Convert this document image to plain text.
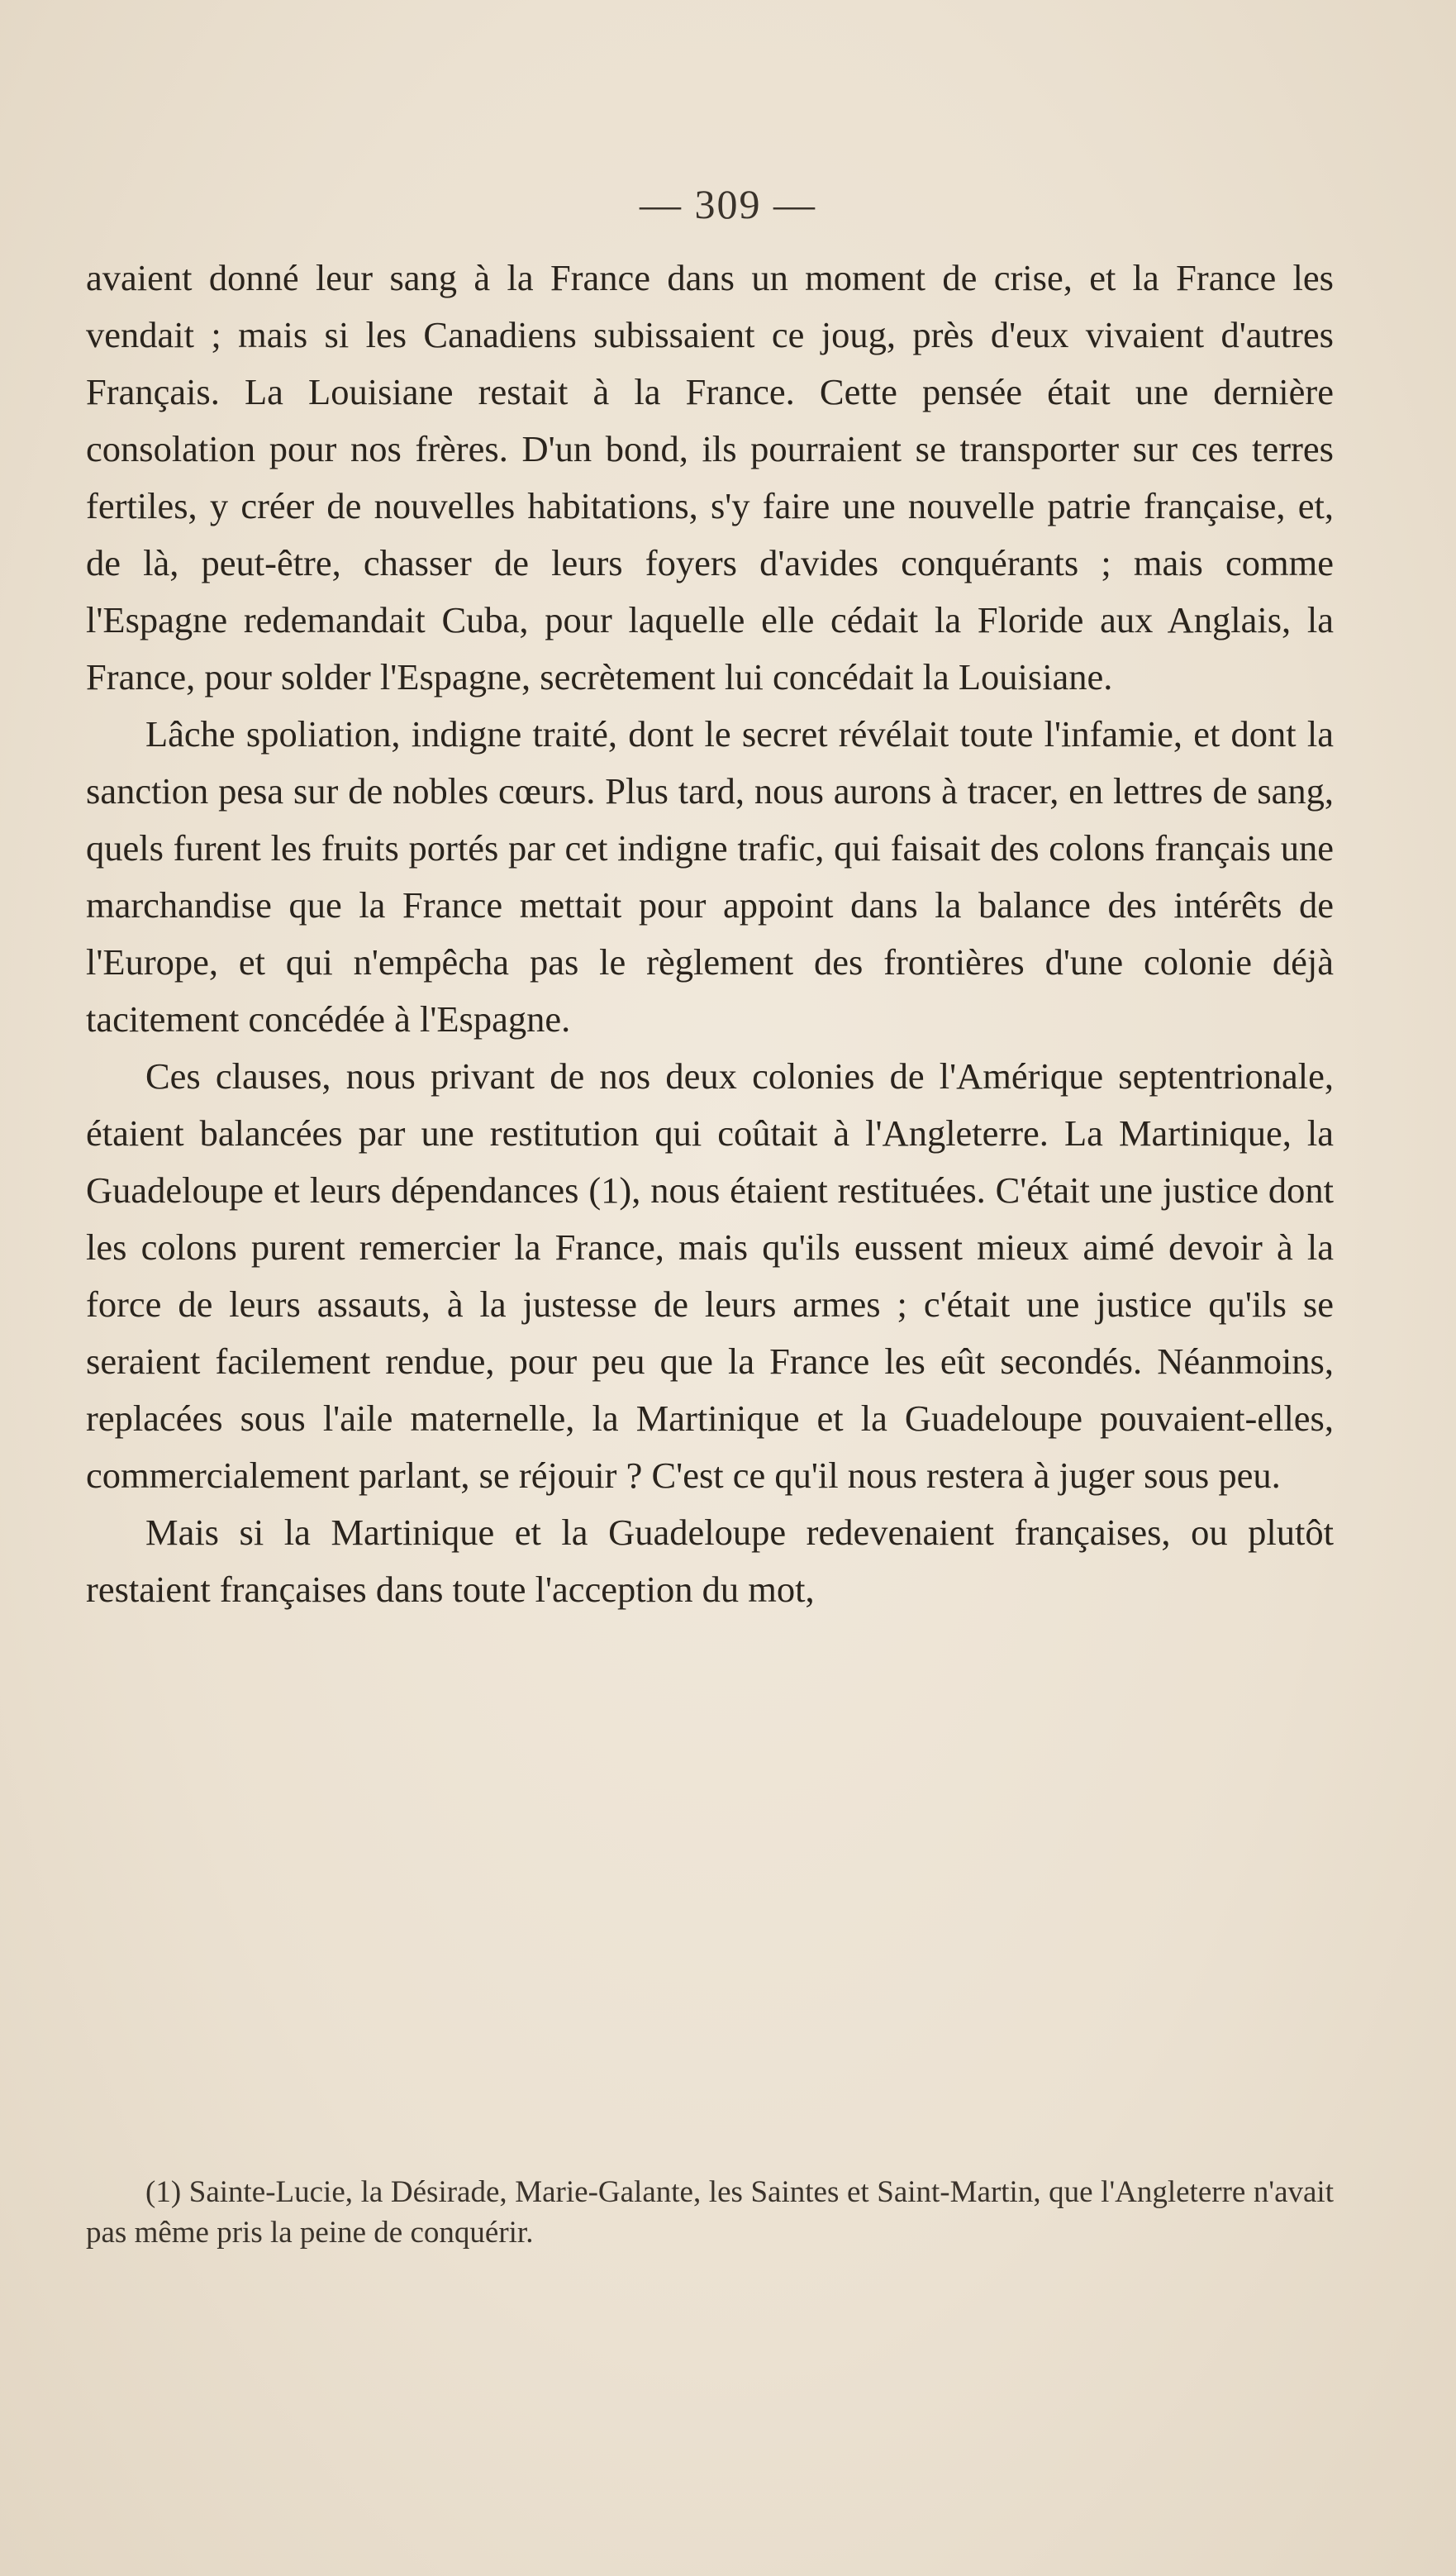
— 309 —

avaient donné leur sang à la France dans un moment de crise, et la France les vendait ; mais si les Canadiens subissaient ce joug, près d'eux vivaient d'autres Français. La Louisiane restait à la France. Cette pensée était une dernière consolation pour nos frères. D'un bond, ils pourraient se transporter sur ces terres fertiles, y créer de nouvelles habitations, s'y faire une nouvelle patrie française, et, de là, peut-être, chasser de leurs foyers d'avides conquérants ; mais comme l'Espagne redemandait Cuba, pour laquelle elle cédait la Floride aux Anglais, la France, pour solder l'Espagne, secrètement lui concédait la Louisiane.

Lâche spoliation, indigne traité, dont le secret révélait toute l'infamie, et dont la sanction pesa sur de nobles cœurs. Plus tard, nous aurons à tracer, en lettres de sang, quels furent les fruits portés par cet indigne trafic, qui faisait des colons français une marchandise que la France mettait pour appoint dans la balance des intérêts de l'Europe, et qui n'empêcha pas le règlement des frontières d'une colonie déjà tacitement concédée à l'Espagne.

Ces clauses, nous privant de nos deux colonies de l'Amérique septentrionale, étaient balancées par une restitution qui coûtait à l'Angleterre. La Martinique, la Guadeloupe et leurs dépendances (1), nous étaient restituées. C'était une justice dont les colons purent remercier la France, mais qu'ils eussent mieux aimé devoir à la force de leurs assauts, à la justesse de leurs armes ; c'était une justice qu'ils se seraient facilement rendue, pour peu que la France les eût secondés. Néanmoins, replacées sous l'aile maternelle, la Martinique et la Guadeloupe pouvaient-elles, commercialement parlant, se réjouir ? C'est ce qu'il nous restera à juger sous peu.

Mais si la Martinique et la Guadeloupe redevenaient françaises, ou plutôt restaient françaises dans toute l'acception du mot,

(1) Sainte-Lucie, la Désirade, Marie-Galante, les Saintes et Saint-Martin, que l'Angleterre n'avait pas même pris la peine de conquérir.
